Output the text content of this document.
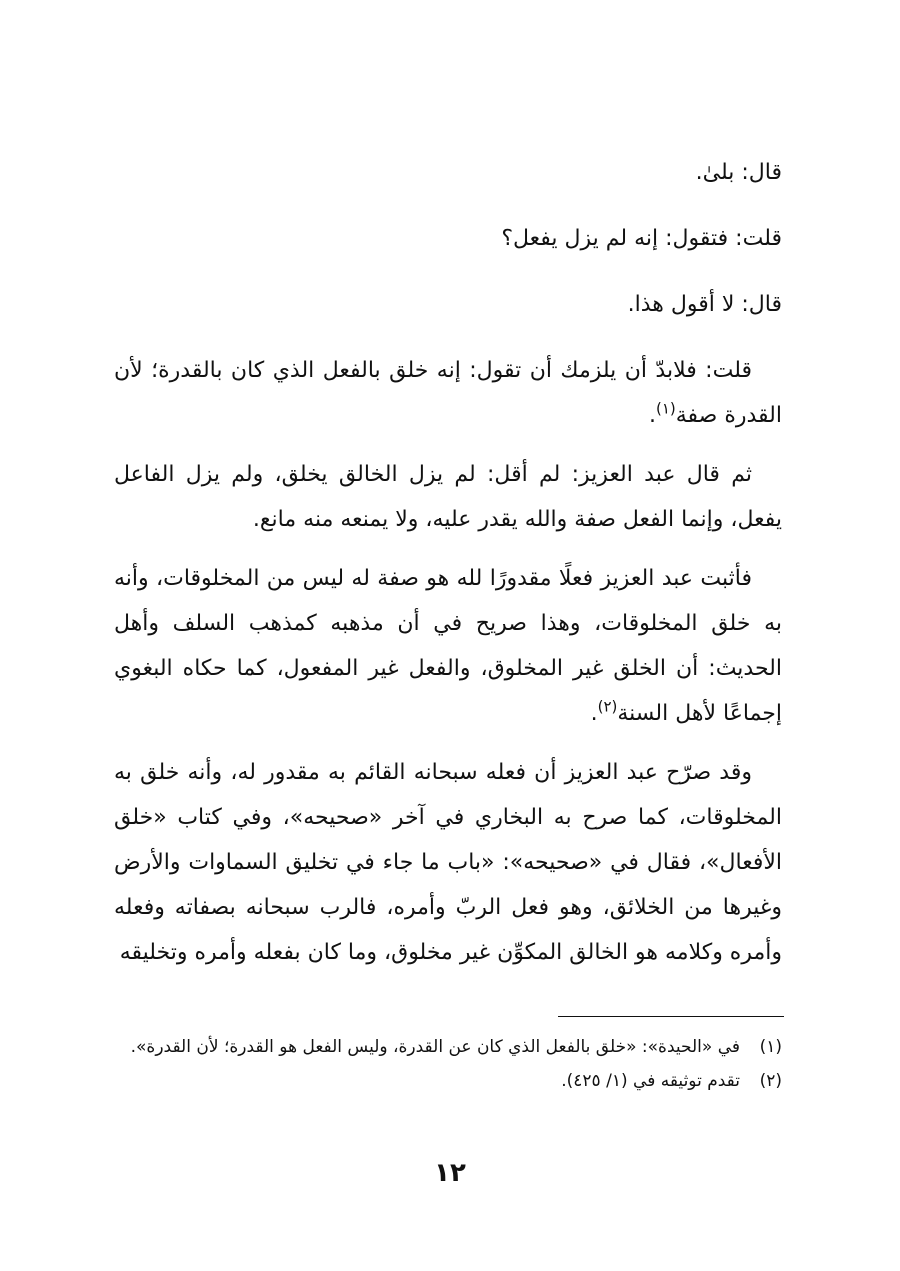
قال: بلىٰ.

قلت: فتقول: إنه لم يزل يفعل؟

قال: لا أقول هذا.

قلت: فلابدّ أن يلزمك أن تقول: إنه خلق بالفعل الذي كان بالقدرة؛ لأن القدرة صفة$^{(١)}$.

ثم قال عبد العزيز: لم أقل: لم يزل الخالق يخلق، ولم يزل الفاعل يفعل، وإنما الفعل صفة والله يقدر عليه، ولا يمنعه منه مانع.

فأثبت عبد العزيز فعلًا مقدورًا لله هو صفة له ليس من المخلوقات، وأنه به خلق المخلوقات، وهذا صريح في أن مذهبه كمذهب السلف وأهل الحديث: أن الخلق غير المخلوق، والفعل غير المفعول، كما حكاه البغوي إجماعًا لأهل السنة$^{(٢)}$.

وقد صرّح عبد العزيز أن فعله سبحانه القائم به مقدور له، وأنه خلق به المخلوقات، كما صرح به البخاري في آخر «صحيحه»، وفي كتاب «خلق الأفعال»، فقال في «صحيحه»: «باب ما جاء في تخليق السماوات والأرض وغيرها من الخلائق، وهو فعل الربّ وأمره، فالرب سبحانه بصفاته وفعله وأمره وكلامه هو الخالق المكوِّن غير مخلوق، وما كان بفعله وأمره وتخليقه

(١)
في «الحيدة»: «خلق بالفعل الذي كان عن القدرة، وليس الفعل هو القدرة؛ لأن القدرة».
(٢)
تقدم توثيقه في (١/ ٤٢٥).
١٢
